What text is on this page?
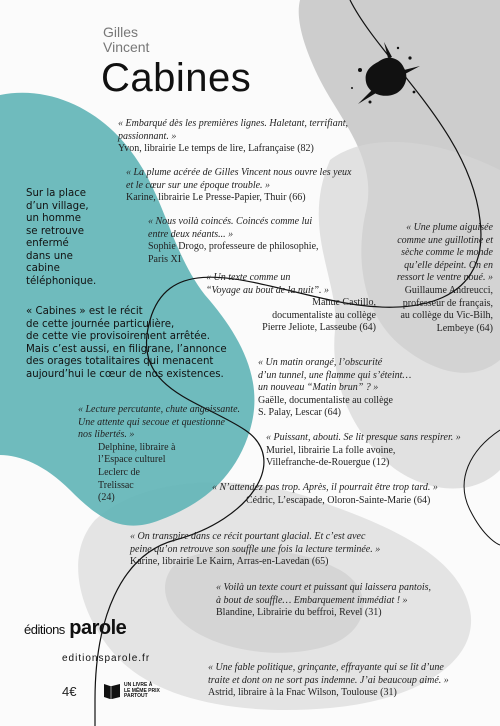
Gilles
Vincent
Cabines
Sur la place
d’un village,
un homme
se retrouve
enfermé
dans une
cabine
téléphonique.
« Cabines » est le récit
de cette journée particulière,
de cette vie provisoirement arrêtée.
Mais c’est aussi, en filigrane, l’annonce
des orages totalitaires qui menacent
aujourd’hui le cœur de nos existences.
« Embarqué dès les premières lignes. Haletant, terrifiant,
passionnant. »
Yvon, librairie Le temps de lire, Lafrançaise (82)
« La plume acérée de Gilles Vincent nous ouvre les yeux
et le cœur sur une époque trouble. »
Karine, librairie Le Presse-Papier, Thuir (66)
« Nous voilà coincés. Coincés comme lui
entre deux néants... »
Sophie Drogo, professeure de philosophie,
Paris XI
« Une plume aiguisée
comme une guillotine et
sèche comme le monde
qu’elle dépeint. On en
ressort le ventre noué. »
Guillaume Andreucci,
professeur de français,
au collège du Vic-Bilh,
Lembeye (64)
« Un texte comme un
“Voyage au bout de la nuit”. »
Manue Castillo,
documentaliste au collège
Pierre Jeliote, Lasseube (64)
« Un matin orangé, l’obscurité
d’un tunnel, une flamme qui s’éteint…
un nouveau “Matin brun” ? »
Gaëlle, documentaliste au collège
S. Palay, Lescar (64)
« Lecture percutante, chute angoissante.
Une attente qui secoue et questionne
nos libertés. »
Delphine, libraire à
l’Espace culturel
Leclerc de
Trelissac
(24)
« Puissant, abouti. Se lit presque sans respirer. »
Muriel, librairie La folle avoine,
Villefranche-de-Rouergue (12)
« N’attendez pas trop. Après, il pourrait être trop tard. »
Cédric, L’escapade, Oloron-Sainte-Marie (64)
« On transpire dans ce récit pourtant glacial. Et c’est avec
peine qu’on retrouve son souffle une fois la lecture terminée. »
Karine, librairie Le Kairn, Arras-en-Lavedan (65)
« Voilà un texte court et puissant qui laissera pantois,
à bout de souffle… Embarquement immédiat ! »
Blandine, Librairie du beffroi, Revel (31)
« Une fable politique, grinçante, effrayante qui se lit d’une
traite et dont on ne sort pas indemne. J’ai beaucoup aimé. »
Astrid, libraire à la Fnac Wilson, Toulouse (31)
éditions parole
editionsparole.fr
4€	UN LIVRE À
LE MÊME PRIX
PARTOUT
